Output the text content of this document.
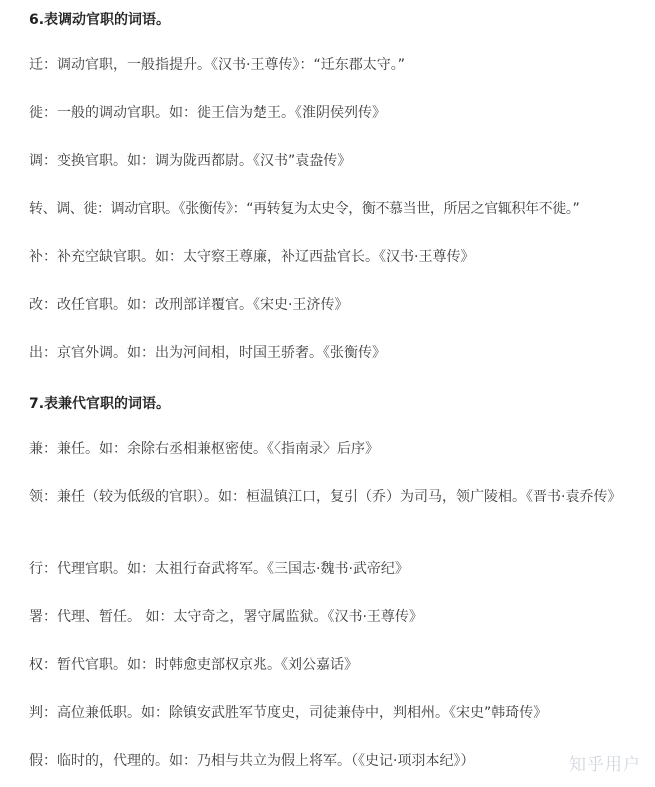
6.表调动官职的词语。
迁：调动官职，一般指提升。《汉书·王尊传》：“迁东郡太守。”
徙：一般的调动官职。如：徙王信为楚王。《淮阴侯列传》
调：变换官职。如：调为陇西都尉。《汉书”袁盎传》
转、调、徙：调动官职。《张衡传》：“再转复为太史令，衡不慕当世，所居之官辄积年不徙。”
补：补充空缺官职。如：太守察王尊廉，补辽西盐官长。《汉书·王尊传》
改：改任官职。如：改刑部详覆官。《宋史·王济传》
出：京官外调。如：出为河间相，时国王骄奢。《张衡传》
7.表兼代官职的词语。
兼：兼任。如：余除右丞相兼枢密使。《〈指南录〉后序》
领：兼任（较为低级的官职）。如：桓温镇江口，复引（乔）为司马，领广陵相。《晋书·袁乔传》
行：代理官职。如：太祖行奋武将军。《三国志·魏书·武帝纪》
署：代理、暂任。 如：太守奇之，署守属监狱。《汉书·王尊传》
权：暂代官职。如：时韩愈吏部权京兆。《刘公嘉话》
判：高位兼低职。如：除镇安武胜军节度史，司徒兼侍中，判相州。《宋史”韩琦传》
假：临时的，代理的。如：乃相与共立为假上将军。（《史记·项羽本纪》）	知乎用户
